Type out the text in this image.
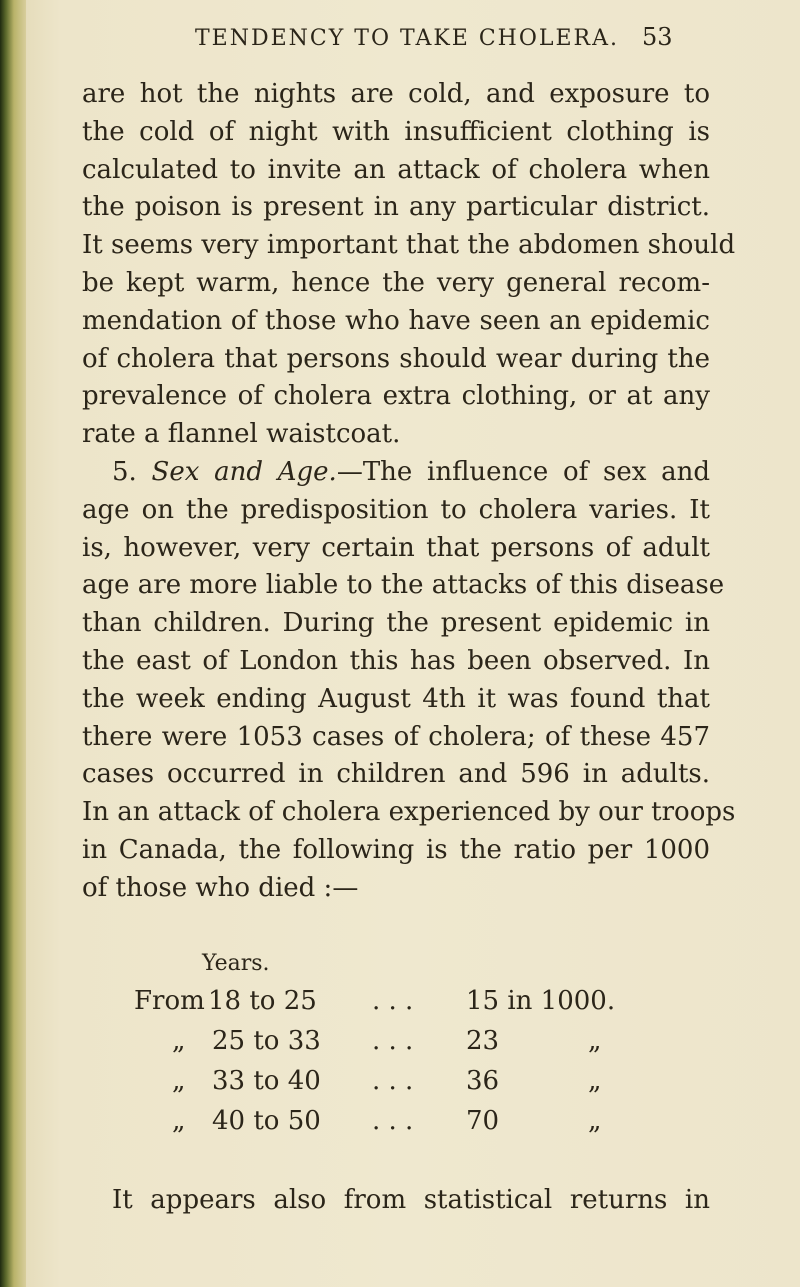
TENDENCY TO TAKE CHOLERA. 53
are hot the nights are cold, and exposure to
the cold of night with insufficient clothing is
calculated to invite an attack of cholera when
the poison is present in any particular district.
It seems very important that the abdomen should
be kept warm, hence the very general recom-
mendation of those who have seen an epidemic
of cholera that persons should wear during the
prevalence of cholera extra clothing, or at any
rate a flannel waistcoat.
5. Sex and Age.—The influence of sex and
age on the predisposition to cholera varies. It
is, however, very certain that persons of adult
age are more liable to the attacks of this disease
than children. During the present epidemic in
the east of London this has been observed. In
the week ending August 4th it was found that
there were 1053 cases of cholera; of these 457
cases occurred in children and 596 in adults.
In an attack of cholera experienced by our troops
in Canada, the following is the ratio per 1000
of those who died :—
Years.
From 18 to 25 . . . 15 in 1000.
„ 25 to 33 . . . 23	„
„ 33 to 40 . . . 36	„
„ 40 to 50 . . . 70	„
It appears also from statistical returns in
